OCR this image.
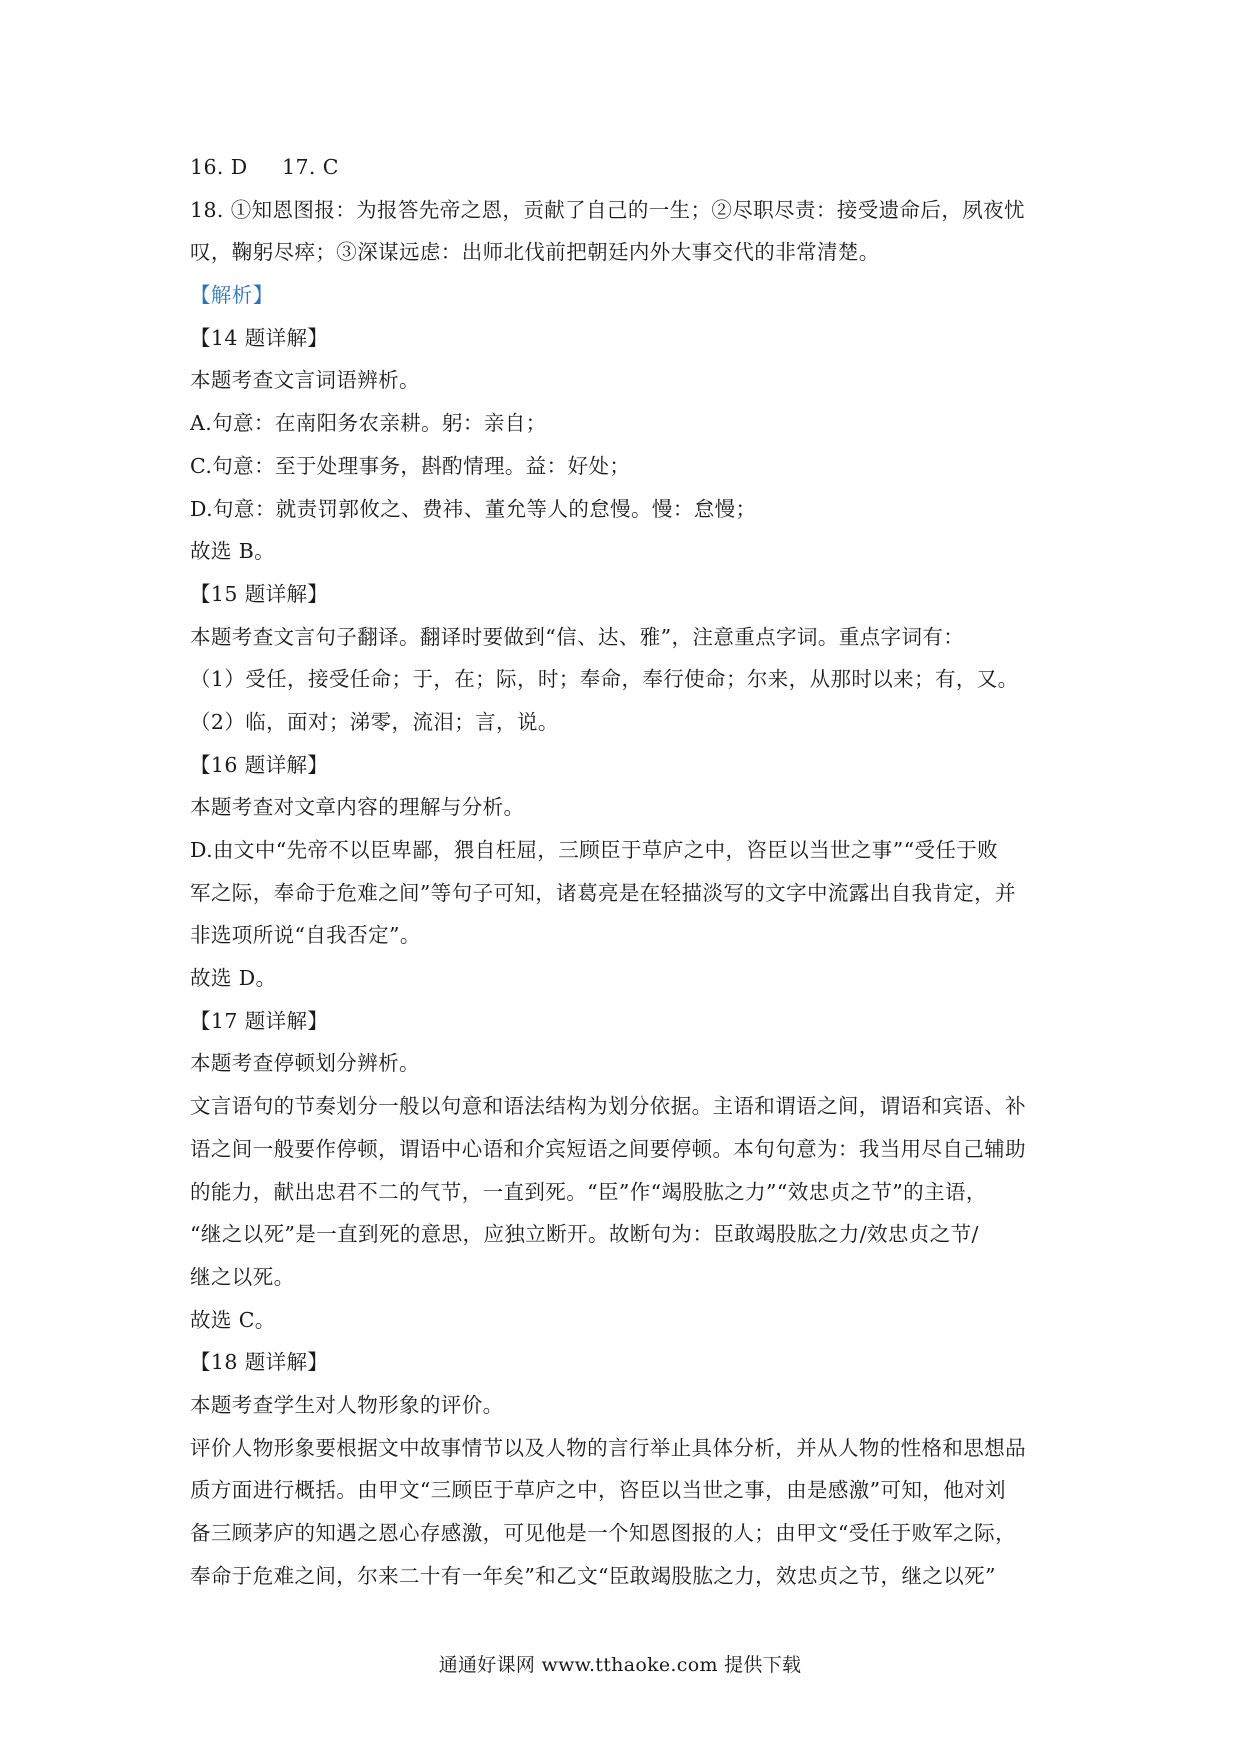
16. D	17. C
18. ①知恩图报：为报答先帝之恩，贡献了自己的一生；②尽职尽责：接受遗命后，夙夜忧
叹，鞠躬尽瘁；③深谋远虑：出师北伐前把朝廷内外大事交代的非常清楚。
【解析】
【14 题详解】
本题考查文言词语辨析。
A.句意：在南阳务农亲耕。躬：亲自；
C.句意：至于处理事务，斟酌情理。益：好处；
D.句意：就责罚郭攸之、费祎、董允等人的怠慢。慢：怠慢；
故选 B。
【15 题详解】
本题考查文言句子翻译。翻译时要做到“信、达、雅”，注意重点字词。重点字词有：
（1）受任，接受任命；于，在；际，时；奉命，奉行使命；尔来，从那时以来；有，又。
（2）临，面对；涕零，流泪；言，说。
【16 题详解】
本题考查对文章内容的理解与分析。
D.由文中“先帝不以臣卑鄙，猥自枉屈，三顾臣于草庐之中，咨臣以当世之事”“受任于败
军之际，奉命于危难之间”等句子可知，诸葛亮是在轻描淡写的文字中流露出自我肯定，并
非选项所说“自我否定”。
故选 D。
【17 题详解】
本题考查停顿划分辨析。
文言语句的节奏划分一般以句意和语法结构为划分依据。主语和谓语之间，谓语和宾语、补
语之间一般要作停顿，谓语中心语和介宾短语之间要停顿。本句句意为：我当用尽自己辅助
的能力，献出忠君不二的气节，一直到死。“臣”作“竭股肱之力”“效忠贞之节”的主语，
“继之以死”是一直到死的意思，应独立断开。故断句为：臣敢竭股肱之力/效忠贞之节/
继之以死。
故选 C。
【18 题详解】
本题考查学生对人物形象的评价。
评价人物形象要根据文中故事情节以及人物的言行举止具体分析，并从人物的性格和思想品
质方面进行概括。由甲文“三顾臣于草庐之中，咨臣以当世之事，由是感激”可知，他对刘
备三顾茅庐的知遇之恩心存感激，可见他是一个知恩图报的人；由甲文“受任于败军之际，
奉命于危难之间，尔来二十有一年矣”和乙文“臣敢竭股肱之力，效忠贞之节，继之以死”
通通好课网 www.tthaoke.com 提供下载
